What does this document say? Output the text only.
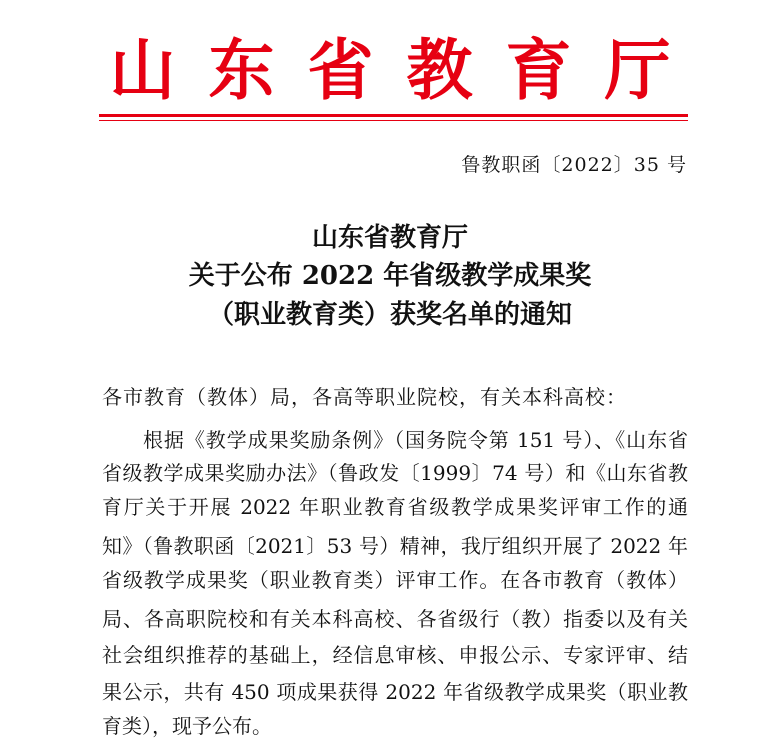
山东省教育厅
鲁教职函〔2022〕35 号
山东省教育厅
关于公布 2022 年省级教学成果奖
（职业教育类）获奖名单的通知
各市教育（教体）局，各高等职业院校，有关本科高校：
根据《教学成果奖励条例》（国务院令第 151 号）、《山东省
省级教学成果奖励办法》（鲁政发〔1999〕74 号）和《山东省教
育厅关于开展 2022 年职业教育省级教学成果奖评审工作的通
知》（鲁教职函〔2021〕53 号）精神，我厅组织开展了 2022 年
省级教学成果奖（职业教育类）评审工作。在各市教育（教体）
局、各高职院校和有关本科高校、各省级行（教）指委以及有关
社会组织推荐的基础上，经信息审核、申报公示、专家评审、结
果公示，共有 450 项成果获得 2022 年省级教学成果奖（职业教
育类），现予公布。
